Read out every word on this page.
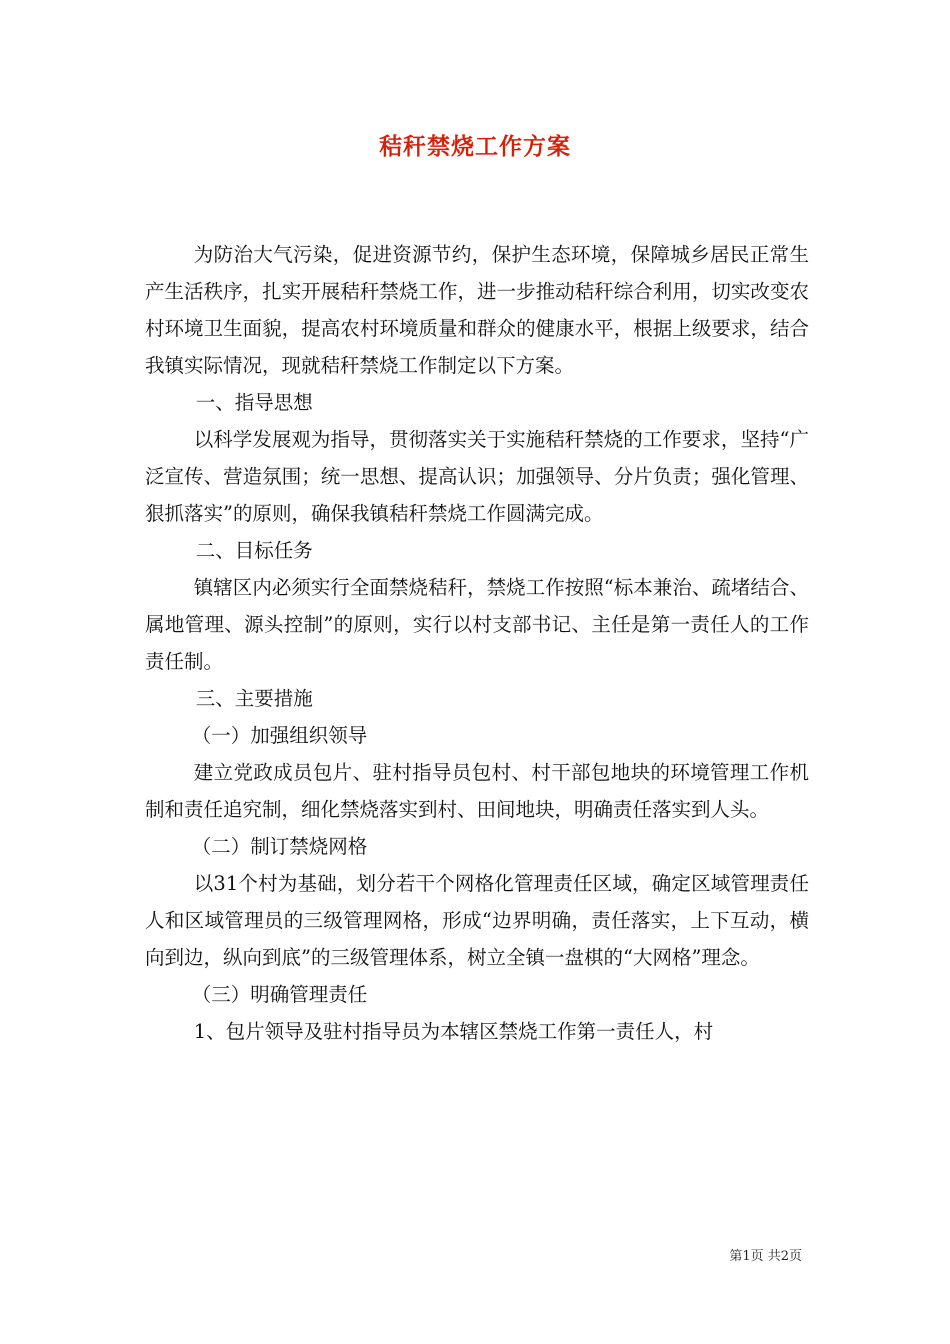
秸秆禁烧工作方案

为防治大气污染，促进资源节约，保护生态环境，保障城乡居民正常生产生活秩序，扎实开展秸秆禁烧工作，进一步推动秸秆综合利用，切实改变农村环境卫生面貌，提高农村环境质量和群众的健康水平，根据上级要求，结合我镇实际情况，现就秸秆禁烧工作制定以下方案。

一、指导思想

以科学发展观为指导，贯彻落实关于实施秸秆禁烧的工作要求，坚持“广泛宣传、营造氛围；统一思想、提高认识；加强领导、分片负责；强化管理、狠抓落实”的原则，确保我镇秸秆禁烧工作圆满完成。

二、目标任务

镇辖区内必须实行全面禁烧秸秆，禁烧工作按照“标本兼治、疏堵结合、属地管理、源头控制”的原则，实行以村支部书记、主任是第一责任人的工作责任制。

三、主要措施

（一）加强组织领导

建立党政成员包片、驻村指导员包村、村干部包地块的环境管理工作机制和责任追究制，细化禁烧落实到村、田间地块，明确责任落实到人头。

（二）制订禁烧网格

以31个村为基础，划分若干个网格化管理责任区域，确定区域管理责任人和区域管理员的三级管理网格，形成“边界明确，责任落实，上下互动，横向到边，纵向到底”的三级管理体系，树立全镇一盘棋的“大网格”理念。

（三）明确管理责任

1、包片领导及驻村指导员为本辖区禁烧工作第一责任人，村

第1页 共2页
